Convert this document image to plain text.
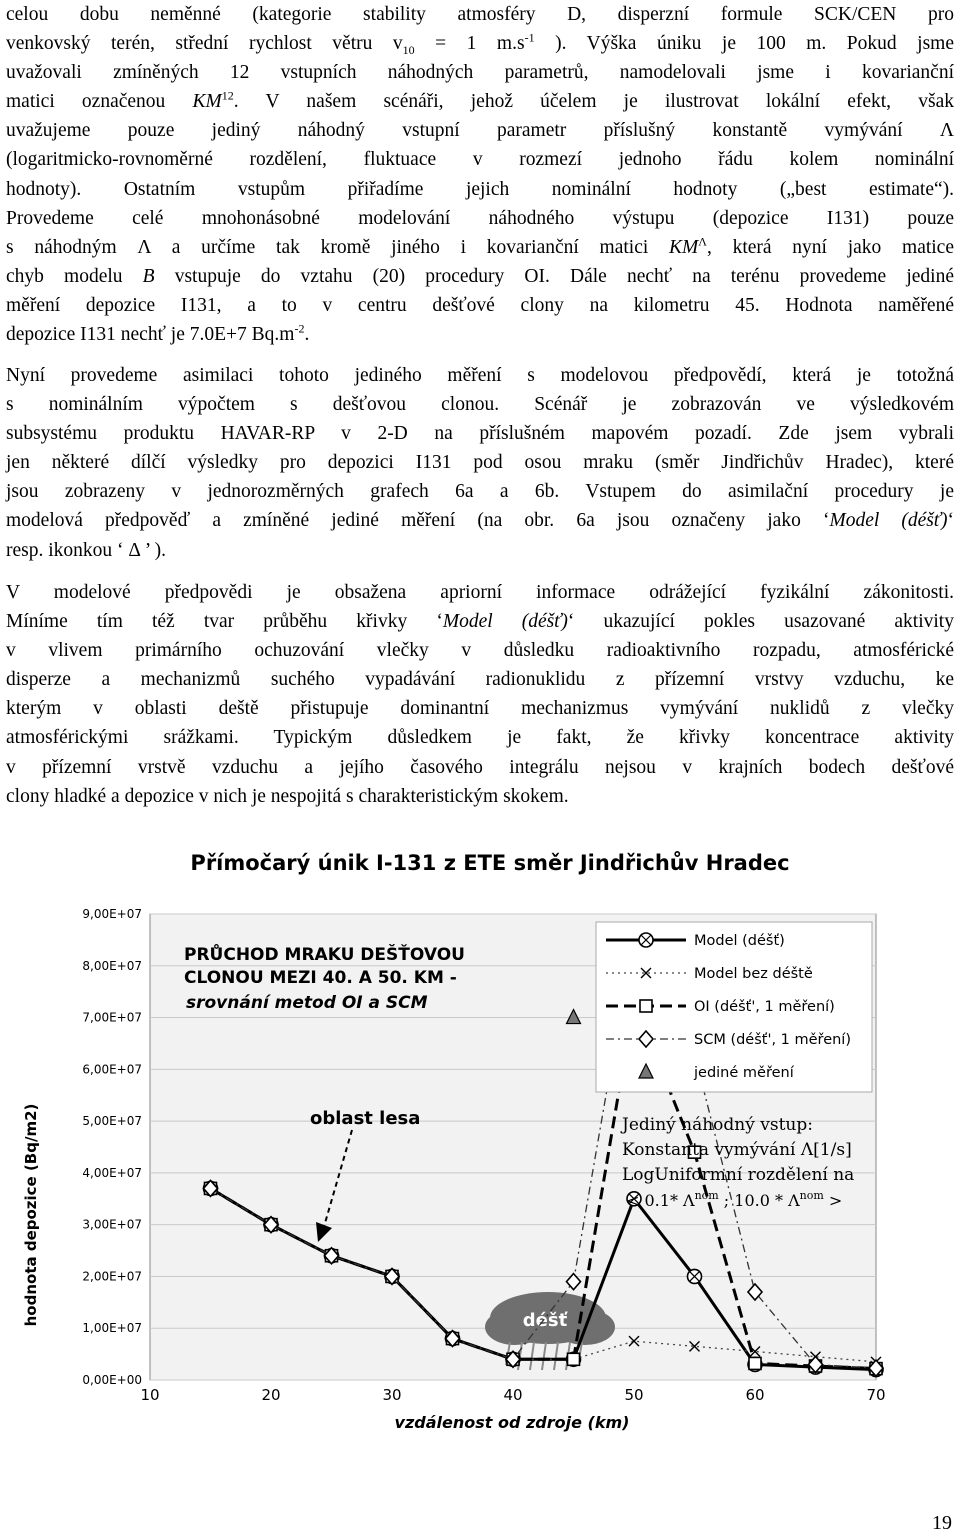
celou dobu neměnné (kategorie stability atmosféry D, disperzní formule SCK/CEN pro
venkovský terén, střední rychlost větru $v_{10} = 1$ $m.s^{-1}$ ). Výška úniku je 100 m. Pokud jsme
uvažovali zmíněných 12 vstupních náhodných parametrů, namodelovali jsme i kovarianční
matici označenou KM$^{12}$. V našem scénáři, jehož účelem je ilustrovat lokální efekt, však
uvažujeme pouze jediný náhodný vstupní parametr příslušný konstantě vymývání Λ
(logaritmicko-rovnoměrné rozdělení, fluktuace v rozmezí jednoho řádu kolem nominální
hodnoty). Ostatním vstupům přiřadíme jejich nominální hodnoty („best estimate“).
Provedeme celé mnohonásobné modelování náhodného výstupu (depozice I131) pouze
s náhodným Λ a určíme tak kromě jiného i kovarianční matici $KM^\Lambda$, která nyní jako matice
chyb modelu B vstupuje do vztahu (20) procedury OI. Dále nechť na terénu provedeme jediné
měření depozice I131, a to v centru dešťové clony na kilometru 45. Hodnota naměřené
depozice I131 nechť je 7.0E+7 $Bq.m^{-2}$.
Nyní provedeme asimilaci tohoto jediného měření s modelovou předpovědí, která je totožná
s nominálním výpočtem s dešťovou clonou. Scénář je zobrazován ve výsledkovém
subsystému produktu HAVAR-RP v 2-D na příslušném mapovém pozadí. Zde jsem vybrali
jen některé dílčí výsledky pro depozici I131 pod osou mraku (směr Jindřichův Hradec), které
jsou zobrazeny v jednorozměrných grafech 6a a 6b. Vstupem do asimilační procedury je
modelová předpověď a zmíněné jediné měření (na obr. 6a jsou označeny jako ‘Model (déšť)‘
resp. ikonkou ‘ Δ ’ ).
V modelové předpovědi je obsažena apriorní informace odrážející fyzikální zákonitosti.
Míníme tím též tvar průběhu křivky ‘Model (déšť)‘ ukazující pokles usazované aktivity
v vlivem primárního ochuzování vlečky v důsledku radioaktivního rozpadu, atmosférické
disperze a mechanizmů suchého vypadávání radionuklidu z přízemní vrstvy vzduchu, ke
kterým v oblasti deště přistupuje dominantní mechanizmus vymývání nuklidů z vlečky
atmosférickými srážkami. Typickým důsledkem je fakt, že křivky koncentrace aktivity
v přízemní vrstvě vzduchu a jejího časového integrálu nejsou v krajních bodech dešťové
clony hladké a depozice v nich je nespojitá s charakteristickým skokem.
Přímočarý únik I-131 z ETE směr Jindřichův Hradec
0,00E+00
1,00E+07
2,00E+07
3,00E+07
4,00E+07
5,00E+07
6,00E+07
7,00E+07
8,00E+07
9,00E+07
10	20	30	40	50	60	70
hodnota depozice (Bq/m2)
vzdálenost od zdroje (km)
déšť
PRŮCHOD MRAKU DEŠŤOVOU
CLONOU MEZI 40. A 50. KM -
srovnání metod OI a SCM
oblast lesa
Model (déšť)
Model bez déště
OI (déšť', 1 měření)
SCM (déšť', 1 měření)
jediné měření
Jediný náhodný vstup:
Konstanta vymývání Λ[1/s]
LogUniformní rozdělení na
< 0.1* $\Lambda^{nom}$ ; $10.0 * \Lambda^{nom}$ >
19
